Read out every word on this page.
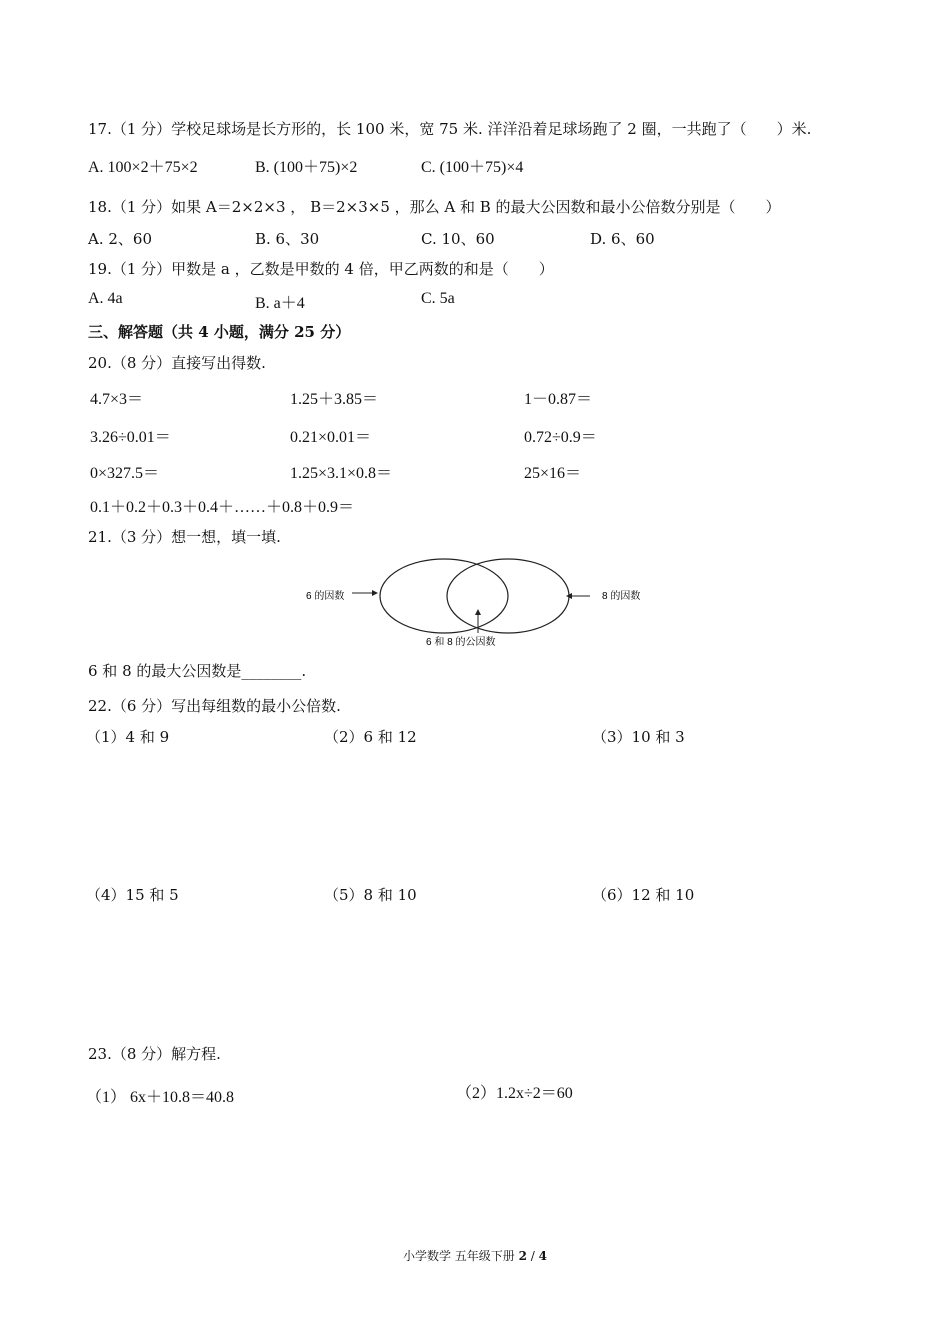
17.（1 分）学校足球场是长方形的，长 100 米，宽 75 米. 洋洋沿着足球场跑了 2 圈，一共跑了（　　）米.
A. 100×2＋75×2	B. (100＋75)×2	C. (100＋75)×4
18.（1 分）如果 A＝2×2×3 ， B＝2×3×5 ，那么 A 和 B 的最大公因数和最小公倍数分别是（　　）
A. 2、60	B. 6、30	C. 10、60	D. 6、60
19.（1 分）甲数是 a ，乙数是甲数的 4 倍，甲乙两数的和是（　　）
A. 4a	B. a＋4	C. 5a
三、解答题（共 4 小题，满分 25 分）
20.（8 分）直接写出得数.
4.7×3＝	1.25＋3.85＝	1－0.87＝
3.26÷0.01＝	0.21×0.01＝	0.72÷0.9＝
0×327.5＝	1.25×3.1×0.8＝	25×16＝
0.1＋0.2＋0.3＋0.4＋……＋0.8＋0.9＝
21.（3 分）想一想，填一填.
6 的因数	8 的因数
6 和 8 的公因数
6 和 8 的最大公因数是________.
22.（6 分）写出每组数的最小公倍数.
（1）4 和 9	（2）6 和 12	（3）10 和 3
（4）15 和 5	（5）8 和 10	（6）12 和 10
23.（8 分）解方程.
（1） 6x＋10.8＝40.8	（2）1.2x÷2＝60
小学数学 五年级下册 2 / 4
